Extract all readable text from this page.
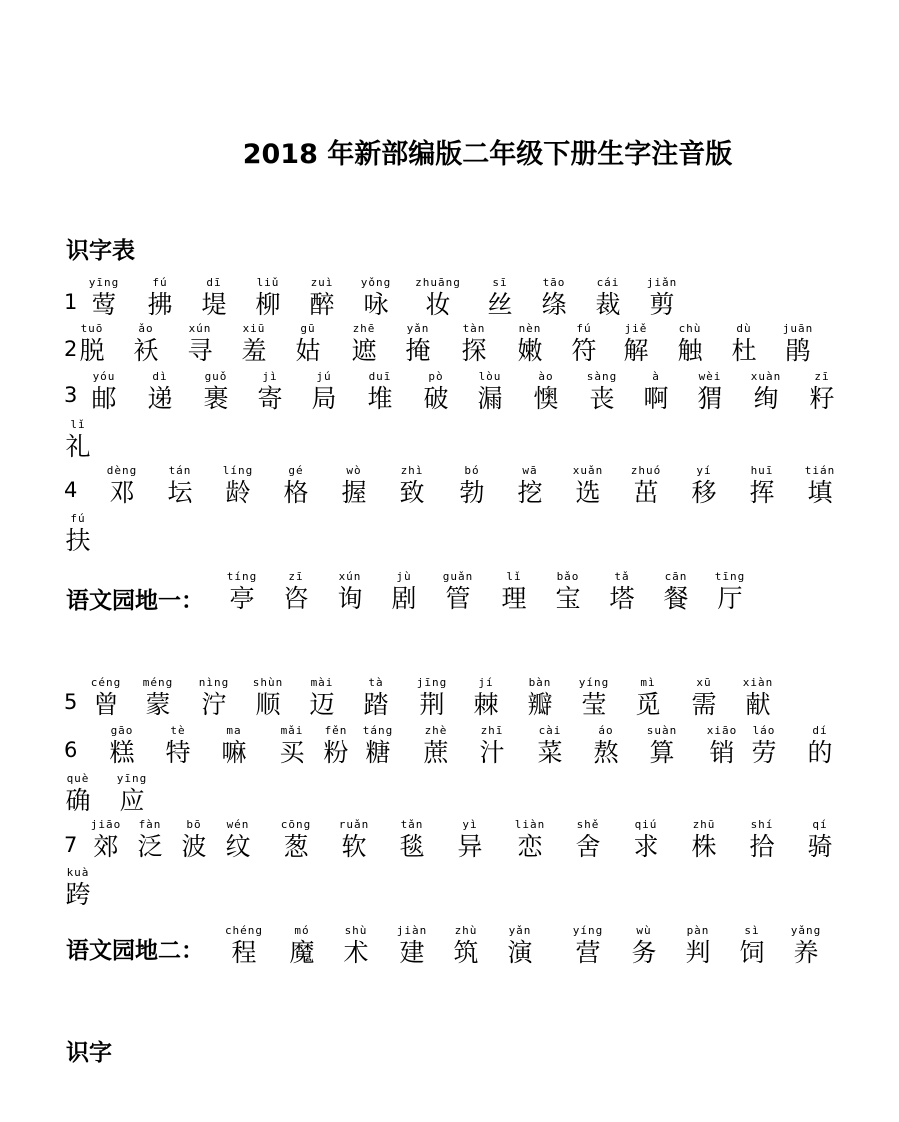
2018 年新部编版二年级下册生字注音版
识字表
语文园地一：
语文园地二：
识字
1
2
3
4
5
6
7
yīng
莺
fú
拂
dī
堤
liǔ
柳
zuì
醉
yǒng
咏
zhuāng
妆
sī
丝
tāo
绦
cái
裁
jiǎn
剪
tuō
脱
ǎo
袄
xún
寻
xiū
羞
gū
姑
zhē
遮
yǎn
掩
tàn
探
nèn
嫩
fú
符
jiě
解
chù
触
dù
杜
juān
鹃
yóu
邮
dì
递
guǒ
裹
jì
寄
jú
局
duī
堆
pò
破
lòu
漏
ào
懊
sàng
丧
à
啊
wèi
猬
xuàn
绚
zī
籽
lǐ
礼
dèng
邓
tán
坛
líng
龄
gé
格
wò
握
zhì
致
bó
勃
wā
挖
xuǎn
选
zhuó
茁
yí
移
huī
挥
tián
填
fú
扶
tíng
亭
zī
咨
xún
询
jù
剧
guǎn
管
lǐ
理
bǎo
宝
tǎ
塔
cān
餐
tīng
厅
céng
曾
méng
蒙
nìng
泞
shùn
顺
mài
迈
tà
踏
jīng
荆
jí
棘
bàn
瓣
yíng
莹
mì
觅
xū
需
xiàn
献
gāo
糕
tè
特
ma
嘛
mǎi
买
fěn
粉
táng
糖
zhè
蔗
zhī
汁
cài
菜
áo
熬
suàn
算
xiāo
销
láo
劳
dí
的
què
确
yīng
应
jiāo
郊
fàn
泛
bō
波
wén
纹
cōng
葱
ruǎn
软
tǎn
毯
yì
异
liàn
恋
shě
舍
qiú
求
zhū
株
shí
拾
qí
骑
kuà
跨
chéng
程
mó
魔
shù
术
jiàn
建
zhù
筑
yǎn
演
yíng
营
wù
务
pàn
判
sì
饲
yǎng
养
